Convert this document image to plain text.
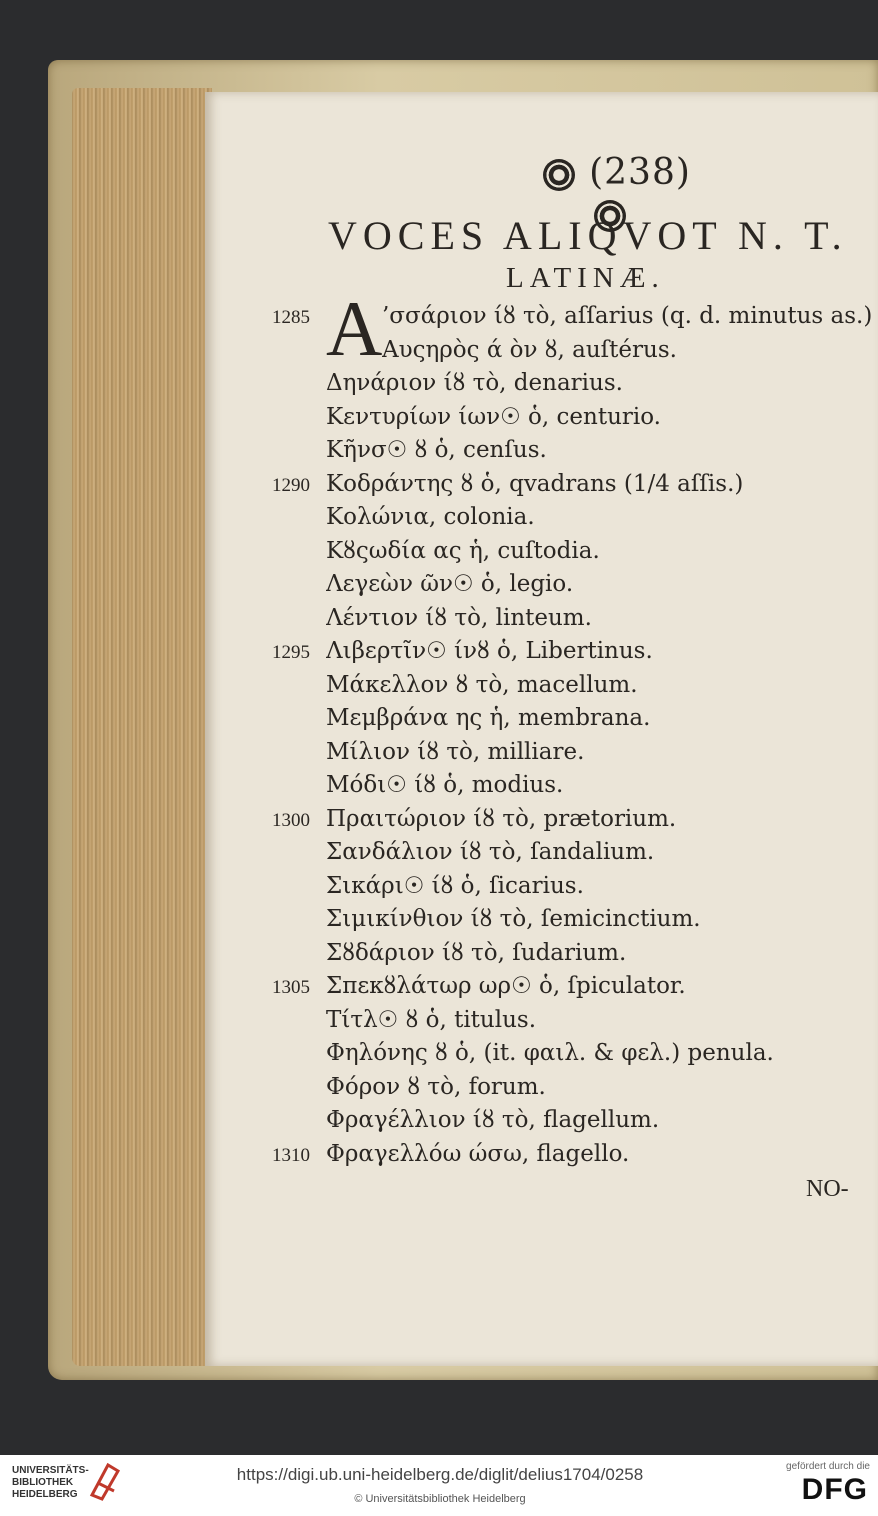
(238)
VOCES ALIQVOT N. T.
LATINÆ.
A
1285	’σσάριον ίȣ τὸ, aſſarius (q. d. minutus as.)
Αυςηρὸς ά ὸν ȣ̃, auſtérus.
Δηνάριον ίȣ τὸ, denarius.
Κεντυρίων ίων☉ ὁ, centurio.
Κῆνσ☉ ȣ ὁ, cenſus.
1290 Κοδράντης ȣ ὁ, qvadrans (1/4 aſſis.)
Κολώνια, colonia.
Κȣςωδία ας ἡ, cuſtodia.
Λεγεὼν ῶν☉ ὁ, legio.
Λέντιον ίȣ τὸ, linteum.
1295 Λιβερτῖν☉ ίνȣ ὁ, Libertinus.
Μάκελλον ȣ τὸ, macellum.
Μεμβράνα ης ἡ, membrana.
Μίλιον ίȣ τὸ, milliare.
Μόδι☉ ίȣ ὁ, modius.
1300 Πραιτώριον ίȣ τὸ, prætorium.
Σανδάλιον ίȣ τὸ, ſandalium.
Σικάρι☉ ίȣ ὁ, ſicarius.
Σιμικίνθιον ίȣ τὸ, ſemicinctium.
Σȣδάριον ίȣ τὸ, ſudarium.
1305 Σπεκȣλάτωρ ωρ☉ ὁ, ſpiculator.
Τίτλ☉ ȣ ὁ, titulus.
Φηλόνης ȣ ὁ, (it. φαιλ. & φελ.) penula.
Φόρον ȣ τὸ, forum.
Φραγέλλιον ίȣ τὸ, flagellum.
1310 Φραγελλόω ώσω, flagello.
NO-
UNIVERSITÄTS-
BIBLIOTHEK
HEIDELBERG
https://digi.ub.uni-heidelberg.de/diglit/delius1704/0258
© Universitätsbibliothek Heidelberg
gefördert durch die
DFG
